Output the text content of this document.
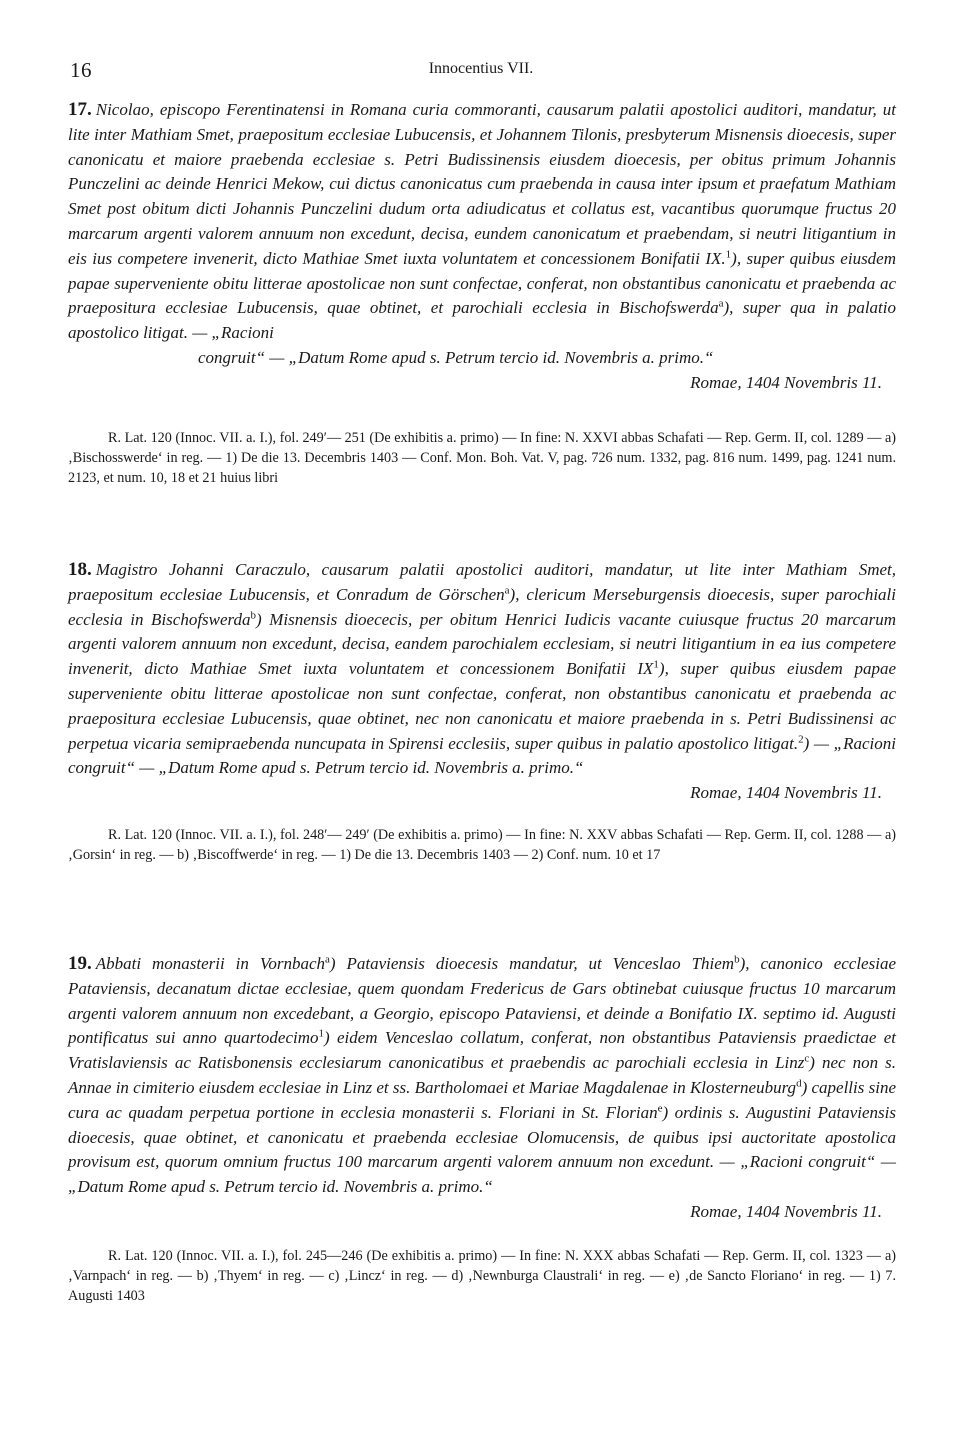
16	Innocentius VII.

17. Nicolao, episcopo Ferentinatensi in Romana curia commoranti, causarum palatii apostolici auditori, mandatur, ut lite inter Mathiam Smet, praepositum ecclesiae Lubucensis, et Johannem Tilonis, presbyterum Misnensis dioecesis, super canonicatu et maiore praebenda ecclesiae s. Petri Budissinensis eiusdem dioecesis, per obitus primum Johannis Punczelini ac deinde Henrici Mekow, cui dictus canonicatus cum praebenda in causa inter ipsum et praefatum Mathiam Smet post obitum dicti Johannis Punczelini dudum orta adiudicatus et collatus est, vacantibus quorumque fructus 20 marcarum argenti valorem annuum non excedunt, decisa, eundem canonicatum et praebendam, si neutri litigantium in eis ius competere invenerit, dicto Mathiae Smet iuxta voluntatem et concessionem Bonifatii IX.$^1$), super quibus eiusdem papae superveniente obitu litterae apostolicae non sunt confectae, conferat, non obstantibus canonicatu et praebenda ac praepositura ecclesiae Lubucensis, quae obtinet, et parochiali ecclesia in Bischofswerda$^a$), super qua in palatio apostolico litigat. — „Racioni

congruit“ — „Datum Rome apud s. Petrum tercio id. Novembris a. primo.“

Romae, 1404 Novembris 11.

R. Lat. 120 (Innoc. VII. a. I.), fol. 249′— 251 (De exhibitis a. primo) — In fine: N. XXVI abbas Schafati — Rep. Germ. II, col. 1289 — a) ‚Bischosswerde‘ in reg. — 1) De die 13. Decembris 1403 — Conf. Mon. Boh. Vat. V, pag. 726 num. 1332, pag. 816 num. 1499, pag. 1241 num. 2123, et num. 10, 18 et 21 huius libri

18. Magistro Johanni Caraczulo, causarum palatii apostolici auditori, mandatur, ut lite inter Mathiam Smet, praepositum ecclesiae Lubucensis, et Conradum de Görschen$^a$), clericum Merseburgensis dioecesis, super parochiali ecclesia in Bischofswerda$^b$) Misnensis dioececis, per obitum Henrici Iudicis vacante cuiusque fructus 20 marcarum argenti valorem annuum non excedunt, decisa, eandem parochialem ecclesiam, si neutri litigantium in ea ius competere invenerit, dicto Mathiae Smet iuxta voluntatem et concessionem Bonifatii $IX^1$), super quibus eiusdem papae superveniente obitu litterae apostolicae non sunt confectae, conferat, non obstantibus canonicatu et praebenda ac praepositura ecclesiae Lubucensis, quae obtinet, nec non canonicatu et maiore praebenda in s. Petri Budissinensi ac perpetua vicaria semipraebenda nuncupata in Spirensi ecclesiis, super quibus in palatio apostolico litigat.$^2$) — „Racioni congruit“ — „Datum Rome apud s. Petrum tercio id. Novembris a. primo.“

Romae, 1404 Novembris 11.

R. Lat. 120 (Innoc. VII. a. I.), fol. 248′— 249′ (De exhibitis a. primo) — In fine: N. XXV abbas Schafati — Rep. Germ. II, col. 1288 — a) ‚Gorsin‘ in reg. — b) ‚Biscoffwerde‘ in reg. — 1) De die 13. Decembris 1403 — 2) Conf. num. 10 et 17

19. Abbati monasterii in Vornbach$^a$) Pataviensis dioecesis mandatur, ut Venceslao Thiem$^b$), canonico ecclesiae Pataviensis, decanatum dictae ecclesiae, quem quondam Fredericus de Gars obtinebat cuiusque fructus 10 marcarum argenti valorem annuum non excedebant, a Georgio, episcopo Pataviensi, et deinde a Bonifatio IX. septimo id. Augusti pontificatus sui anno quartodecimo$^1$) eidem Venceslao collatum, conferat, non obstantibus Pataviensis praedictae et Vratislaviensis ac Ratisbonensis ecclesiarum canonicatibus et praebendis ac parochiali ecclesia in Linz$^c$) nec non s. Annae in cimiterio eiusdem ecclesiae in Linz et ss. Bartholomaei et Mariae Magdalenae in Klosterneuburg$^d$) capellis sine cura ac quadam perpetua portione in ecclesia monasterii s. Floriani in St. Florian$^e$) ordinis s. Augustini Pataviensis dioecesis, quae obtinet, et canonicatu et praebenda ecclesiae Olomucensis, de quibus ipsi auctoritate apostolica provisum est, quorum omnium fructus 100 marcarum argenti valorem annuum non excedunt. — „Racioni congruit“ — „Datum Rome apud s. Petrum tercio id. Novembris a. primo.“

Romae, 1404 Novembris 11.

R. Lat. 120 (Innoc. VII. a. I.), fol. 245—246 (De exhibitis a. primo) — In fine: N. XXX abbas Schafati — Rep. Germ. II, col. 1323 — a) ‚Varnpach‘ in reg. — b) ‚Thyem‘ in reg. — c) ‚Lincz‘ in reg. — d) ‚Newnburga Claustrali‘ in reg. — e) ‚de Sancto Floriano‘ in reg. — 1) 7. Augusti 1403
